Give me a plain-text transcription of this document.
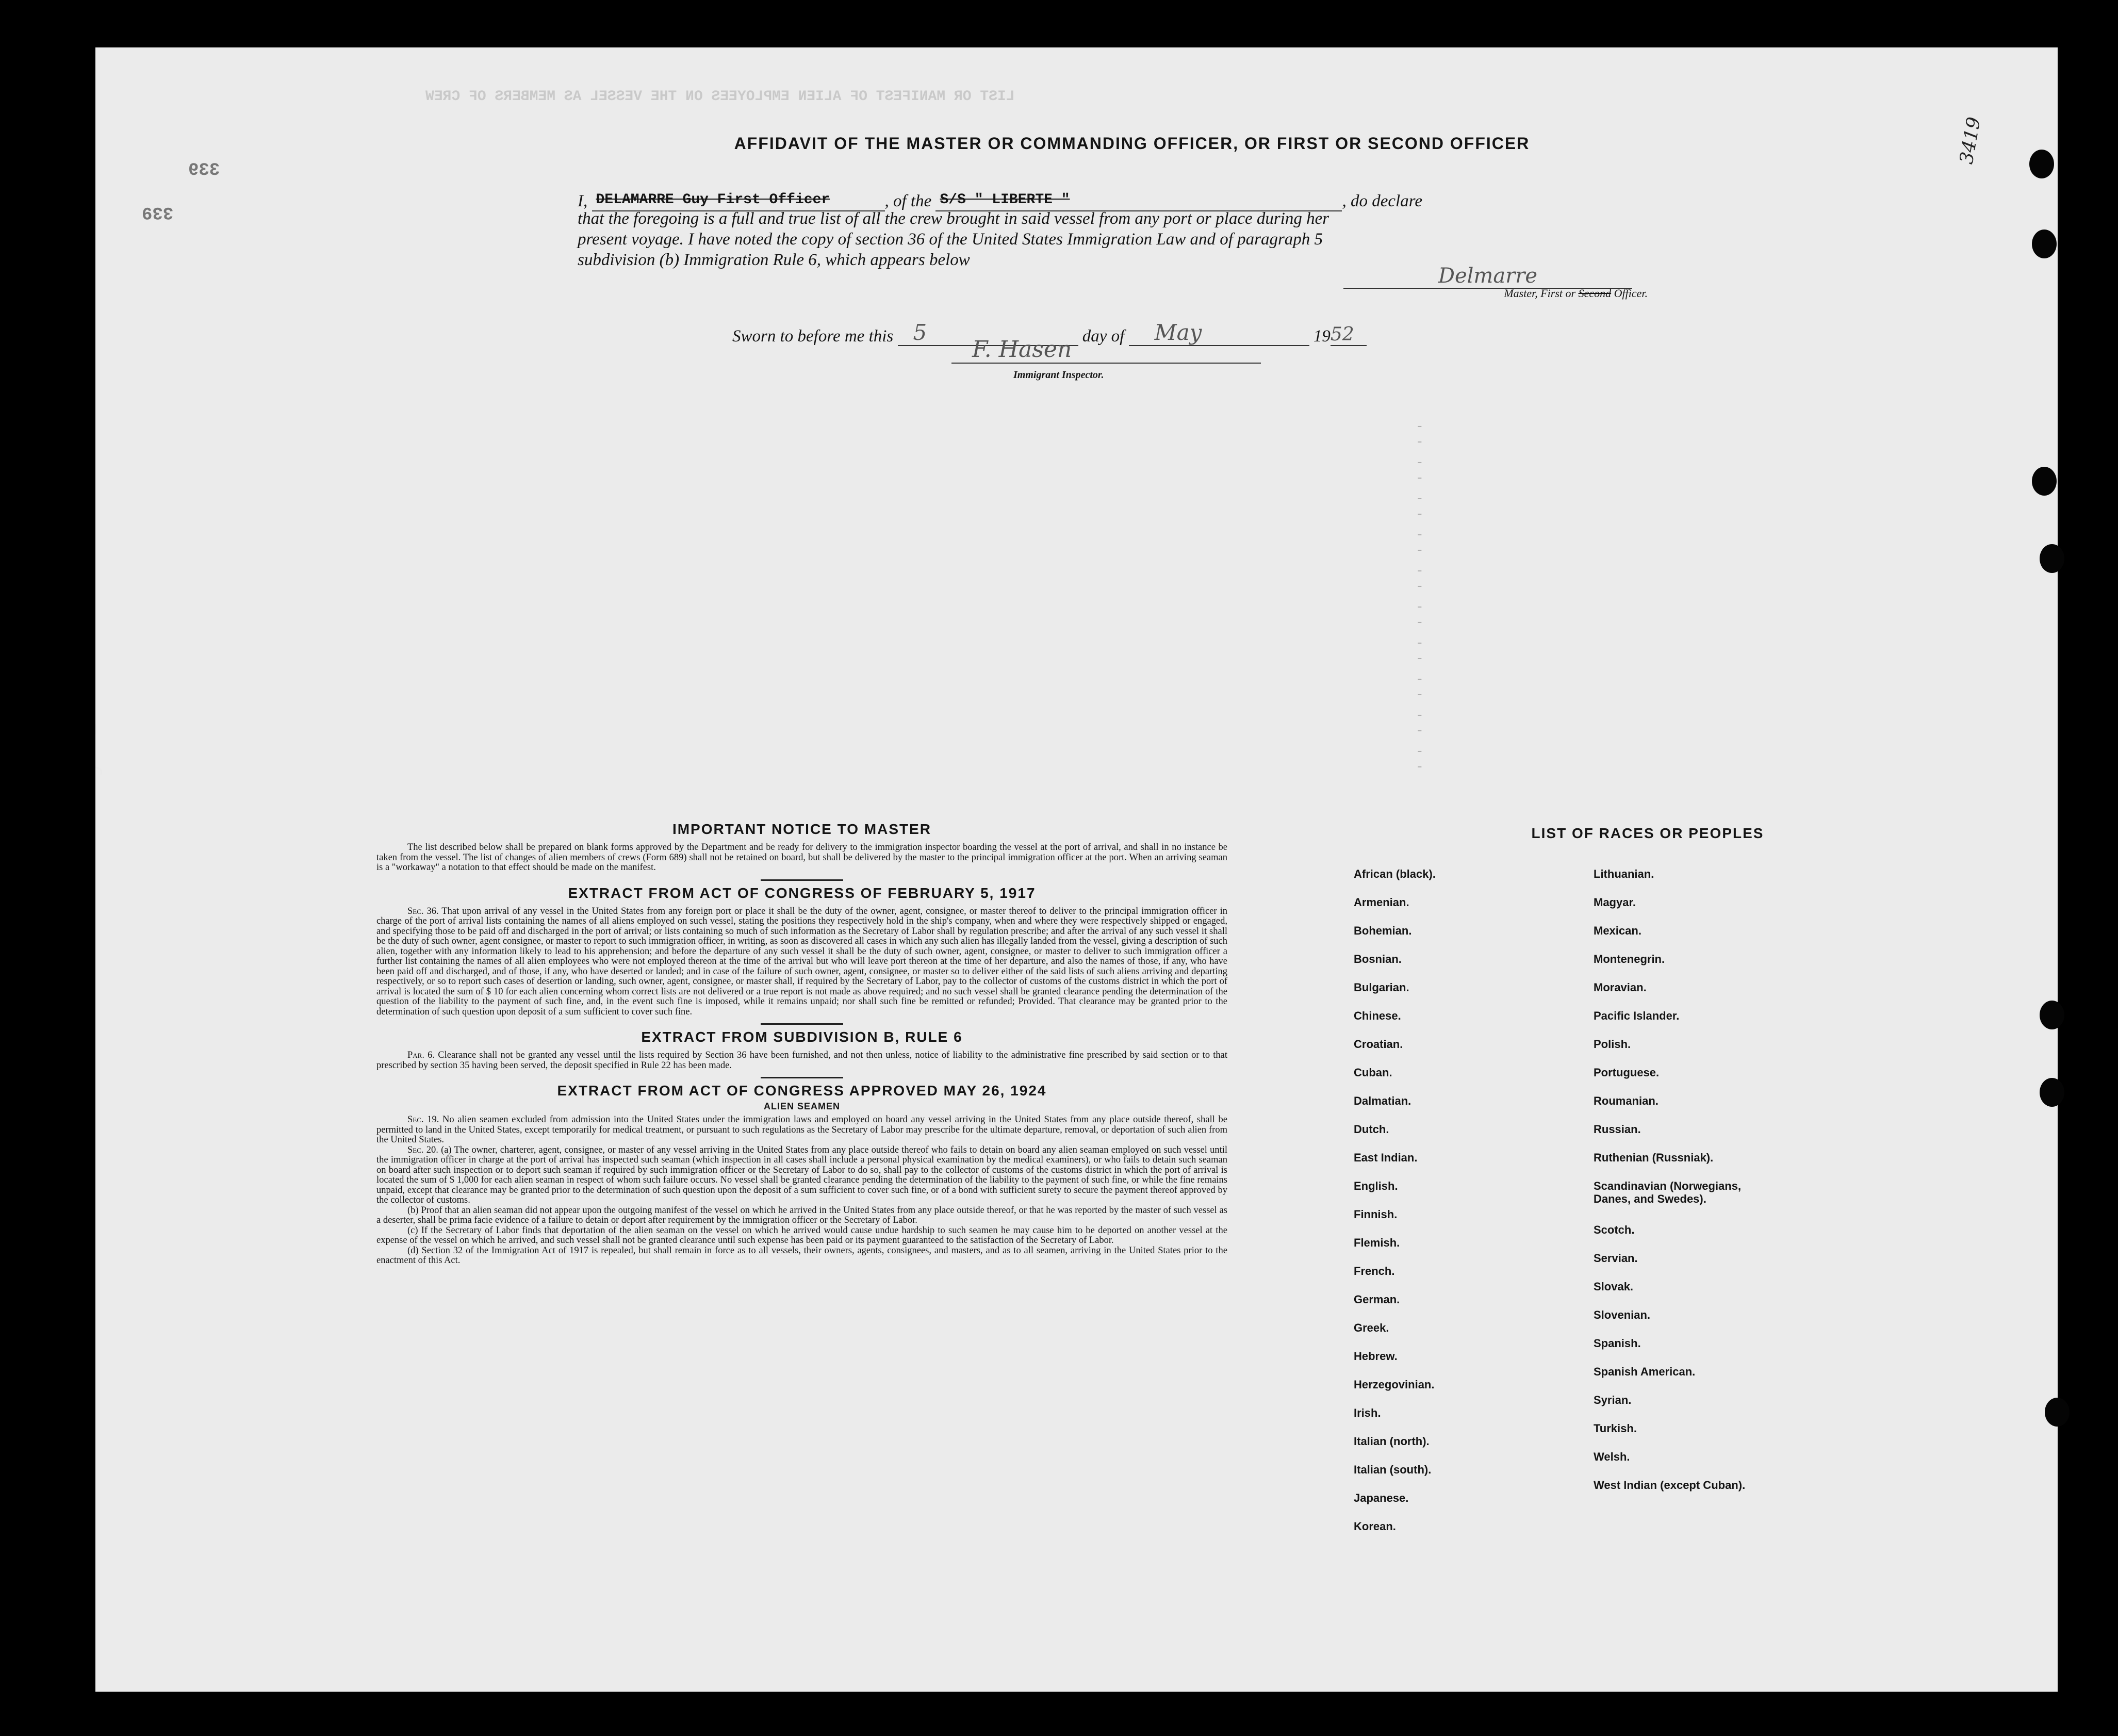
LIST OR MANIFEST OF ALIEN EMPLOYEES ON THE VESSEL AS MEMBERS OF CREW
339
339
3419
- -
- -
- -
- -
- -
- -
- -
- -
- -
- -
AFFIDAVIT OF THE MASTER OR COMMANDING OFFICER, OR FIRST OR SECOND OFFICER
I, DELAMARRE Guy First Officer	, of the S/S " LIBERTE "	, do declare
that the foregoing is a full and true list of all the crew brought in said vessel from any port or place during her
present voyage. I have noted the copy of section 36 of the United States Immigration Law and of paragraph 5
subdivision (b) Immigration Rule 6, which appears below
Delmarre
Master, First or Second Officer.
Sworn to before me this 5	day of May	1952
F. Hasen
Immigrant Inspector.
IMPORTANT NOTICE TO MASTER
The list described below shall be prepared on blank forms approved by the Department and be ready for delivery to the immigration inspector boarding the vessel at the port of arrival, and shall in no instance be taken from the vessel. The list of changes of alien members of crews (Form 689) shall not be retained on board, but shall be delivered by the master to the principal immigration officer at the port. When an arriving seaman is a "workaway" a notation to that effect should be made on the manifest.
EXTRACT FROM ACT OF CONGRESS OF FEBRUARY 5, 1917
Sec. 36. That upon arrival of any vessel in the United States from any foreign port or place it shall be the duty of the owner, agent, consignee, or master thereof to deliver to the principal immigration officer in charge of the port of arrival lists containing the names of all aliens employed on such vessel, stating the positions they respectively hold in the ship's company, when and where they were respectively shipped or engaged, and specifying those to be paid off and discharged in the port of arrival; or lists containing so much of such information as the Secretary of Labor shall by regulation prescribe; and after the arrival of any such vessel it shall be the duty of such owner, agent consignee, or master to report to such immigration officer, in writing, as soon as discovered all cases in which any such alien has illegally landed from the vessel, giving a description of such alien, together with any information likely to lead to his apprehension; and before the departure of any such vessel it shall be the duty of such owner, agent, consignee, or master to deliver to such immigration officer a further list containing the names of all alien employees who were not employed thereon at the time of the arrival but who will leave port thereon at the time of her departure, and also the names of those, if any, who have been paid off and discharged, and of those, if any, who have deserted or landed; and in case of the failure of such owner, agent, consignee, or master so to deliver either of the said lists of such aliens arriving and departing respectively, or so to report such cases of desertion or landing, such owner, agent, consignee, or master shall, if required by the Secretary of Labor, pay to the collector of customs of the customs district in which the port of arrival is located the sum of $ 10 for each alien concerning whom correct lists are not delivered or a true report is not made as above required; and no such vessel shall be granted clearance pending the determination of the question of the liability to the payment of such fine, and, in the event such fine is imposed, while it remains unpaid; nor shall such fine be remitted or refunded; Provided. That clearance may be granted prior to the determination of such question upon deposit of a sum sufficient to cover such fine.
EXTRACT FROM SUBDIVISION B, RULE 6
Par. 6. Clearance shall not be granted any vessel until the lists required by Section 36 have been furnished, and not then unless, notice of liability to the administrative fine prescribed by said section or to that prescribed by section 35 having been served, the deposit specified in Rule 22 has been made.
EXTRACT FROM ACT OF CONGRESS APPROVED MAY 26, 1924
ALIEN SEAMEN
Sec. 19. No alien seamen excluded from admission into the United States under the immigration laws and employed on board any vessel arriving in the United States from any place outside thereof, shall be permitted to land in the United States, except temporarily for medical treatment, or pursuant to such regulations as the Secretary of Labor may prescribe for the ultimate departure, removal, or deportation of such alien from the United States.
Sec. 20. (a) The owner, charterer, agent, consignee, or master of any vessel arriving in the United States from any place outside thereof who fails to detain on board any alien seaman employed on such vessel until the immigration officer in charge at the port of arrival has inspected such seaman (which inspection in all cases shall include a personal physical examination by the medical examiners), or who fails to detain such seaman on board after such inspection or to deport such seaman if required by such immigration officer or the Secretary of Labor to do so, shall pay to the collector of customs of the customs district in which the port of arrival is located the sum of $ 1,000 for each alien seaman in respect of whom such failure occurs. No vessel shall be granted clearance pending the determination of the liability to the payment of such fine, or while the fine remains unpaid, except that clearance may be granted prior to the determination of such question upon the deposit of a sum sufficient to cover such fine, or of a bond with sufficient surety to secure the payment thereof approved by the collector of customs.
(b) Proof that an alien seaman did not appear upon the outgoing manifest of the vessel on which he arrived in the United States from any place outside thereof, or that he was reported by the master of such vessel as a deserter, shall be prima facie evidence of a failure to detain or deport after requirement by the immigration officer or the Secretary of Labor.
(c) If the Secretary of Labor finds that deportation of the alien seaman on the vessel on which he arrived would cause undue hardship to such seamen he may cause him to be deported on another vessel at the expense of the vessel on which he arrived, and such vessel shall not be granted clearance until such expense has been paid or its payment guaranteed to the satisfaction of the Secretary of Labor.
(d) Section 32 of the Immigration Act of 1917 is repealed, but shall remain in force as to all vessels, their owners, agents, consignees, and masters, and as to all seamen, arriving in the United States prior to the enactment of this Act.
LIST OF RACES OR PEOPLES
African (black).
Armenian.
Bohemian.
Bosnian.
Bulgarian.
Chinese.
Croatian.
Cuban.
Dalmatian.
Dutch.
East Indian.
English.
Finnish.
Flemish.
French.
German.
Greek.
Hebrew.
Herzegovinian.
Irish.
Italian (north).
Italian (south).
Japanese.
Korean.
Lithuanian.
Magyar.
Mexican.
Montenegrin.
Moravian.
Pacific Islander.
Polish.
Portuguese.
Roumanian.
Russian.
Ruthenian (Russniak).
Scandinavian (Norwegians, Danes, and Swedes).
Scotch.
Servian.
Slovak.
Slovenian.
Spanish.
Spanish American.
Syrian.
Turkish.
Welsh.
West Indian (except Cuban).
